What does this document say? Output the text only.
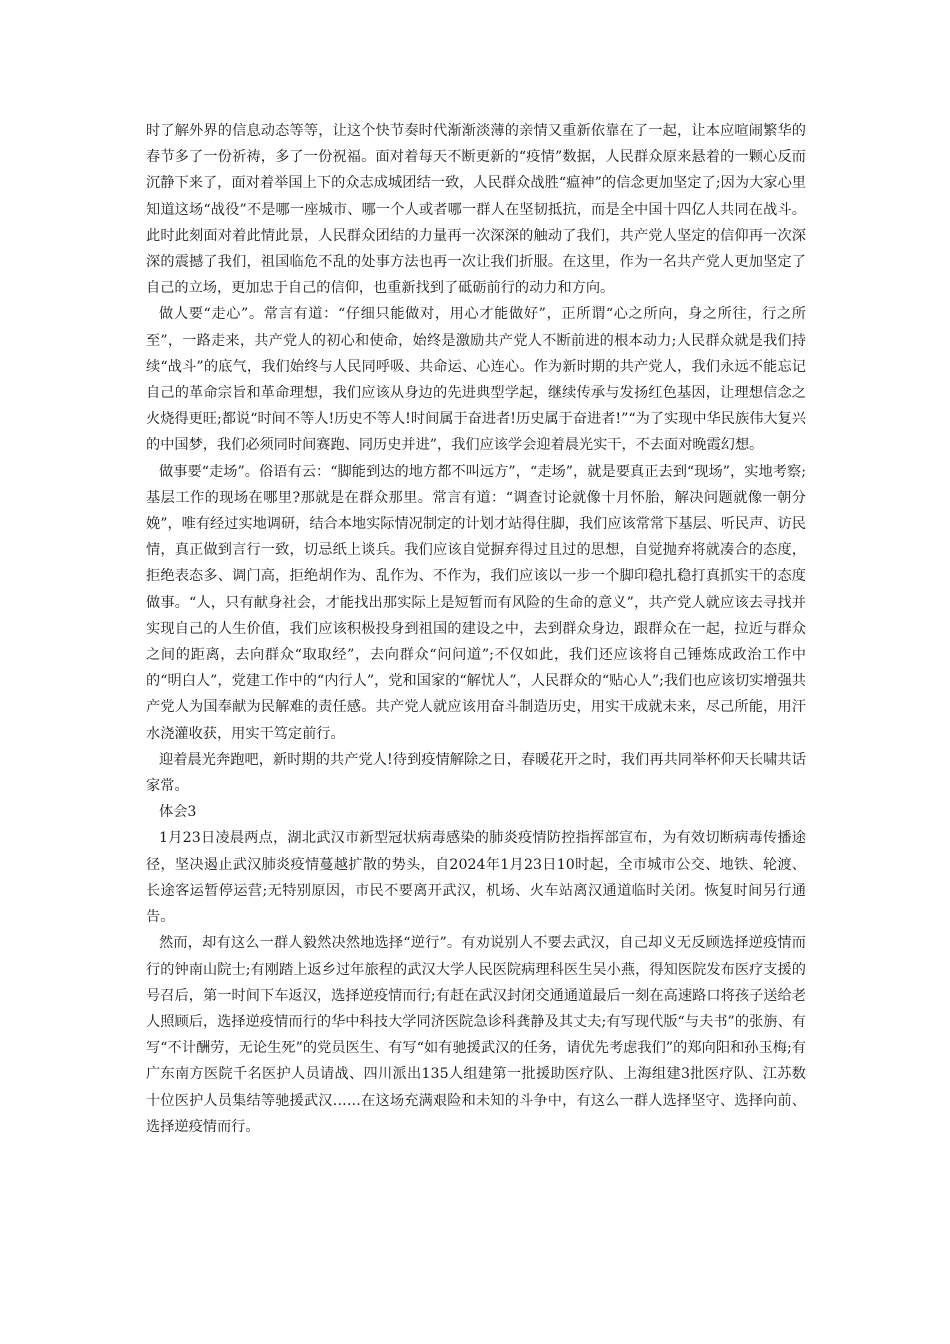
时了解外界的信息动态等等，让这个快节奏时代渐渐淡薄的亲情又重新依靠在了一起，让本应喧闹繁华的春节多了一份祈祷，多了一份祝福。面对着每天不断更新的“疫情”数据，人民群众原来悬着的一颗心反而沉静下来了，面对着举国上下的众志成城团结一致，人民群众战胜“瘟神”的信念更加坚定了;因为大家心里知道这场“战役”不是哪一座城市、哪一个人或者哪一群人在坚韧抵抗，而是全中国十四亿人共同在战斗。此时此刻面对着此情此景，人民群众团结的力量再一次深深的触动了我们，共产党人坚定的信仰再一次深深的震撼了我们，祖国临危不乱的处事方法也再一次让我们折服。在这里，作为一名共产党人更加坚定了自己的立场，更加忠于自己的信仰，也重新找到了砥砺前行的动力和方向。

做人要“走心”。常言有道：“仔细只能做对，用心才能做好”，正所谓“心之所向，身之所往，行之所至”，一路走来，共产党人的初心和使命，始终是激励共产党人不断前进的根本动力;人民群众就是我们持续“战斗”的底气，我们始终与人民同呼吸、共命运、心连心。作为新时期的共产党人，我们永远不能忘记自己的革命宗旨和革命理想，我们应该从身边的先进典型学起，继续传承与发扬红色基因，让理想信念之火烧得更旺;都说“时间不等人!历史不等人!时间属于奋进者!历史属于奋进者!”“为了实现中华民族伟大复兴的中国梦，我们必须同时间赛跑、同历史并进”，我们应该学会迎着晨光实干，不去面对晚霞幻想。

做事要“走场”。俗语有云：“脚能到达的地方都不叫远方”，“走场”，就是要真正去到“现场”，实地考察;基层工作的现场在哪里?那就是在群众那里。常言有道：“调查讨论就像十月怀胎，解决问题就像一朝分娩”，唯有经过实地调研，结合本地实际情况制定的计划才站得住脚，我们应该常常下基层、听民声、访民情，真正做到言行一致，切忌纸上谈兵。我们应该自觉摒弃得过且过的思想，自觉抛弃将就凑合的态度，拒绝表态多、调门高，拒绝胡作为、乱作为、不作为，我们应该以一步一个脚印稳扎稳打真抓实干的态度做事。“人，只有献身社会，才能找出那实际上是短暂而有风险的生命的意义”，共产党人就应该去寻找并实现自己的人生价值，我们应该积极投身到祖国的建设之中，去到群众身边，跟群众在一起，拉近与群众之间的距离，去向群众“取取经”，去向群众“问问道”;不仅如此，我们还应该将自己锤炼成政治工作中的“明白人”，党建工作中的“内行人”，党和国家的“解忧人”，人民群众的“贴心人”;我们也应该切实增强共产党人为国奉献为民解难的责任感。共产党人就应该用奋斗制造历史，用实干成就未来，尽己所能，用汗水浇灌收获，用实干笃定前行。

迎着晨光奔跑吧，新时期的共产党人!待到疫情解除之日，春暖花开之时，我们再共同举杯仰天长啸共话家常。

体会3

1月23日凌晨两点，湖北武汉市新型冠状病毒感染的肺炎疫情防控指挥部宣布，为有效切断病毒传播途径，坚决遏止武汉肺炎疫情蔓越扩散的势头，自2024年1月23日10时起，全市城市公交、地铁、轮渡、长途客运暂停运营;无特别原因，市民不要离开武汉，机场、火车站离汉通道临时关闭。恢复时间另行通告。

然而，却有这么一群人毅然决然地选择“逆行”。有劝说别人不要去武汉，自己却义无反顾选择逆疫情而行的钟南山院士;有刚踏上返乡过年旅程的武汉大学人民医院病理科医生吴小燕，得知医院发布医疗支援的号召后，第一时间下车返汉，选择逆疫情而行;有赶在武汉封闭交通通道最后一刻在高速路口将孩子送给老人照顾后，选择逆疫情而行的华中科技大学同济医院急诊科龚静及其丈夫;有写现代版“与夫书”的张旃、有写“不计酬劳，无论生死”的党员医生、有写“如有驰援武汉的任务，请优先考虑我们”的郑向阳和孙玉梅;有广东南方医院千名医护人员请战、四川派出135人组建第一批援助医疗队、上海组建3批医疗队、江苏数十位医护人员集结等驰援武汉……在这场充满艰险和未知的斗争中，有这么一群人选择坚守、选择向前、选择逆疫情而行。
